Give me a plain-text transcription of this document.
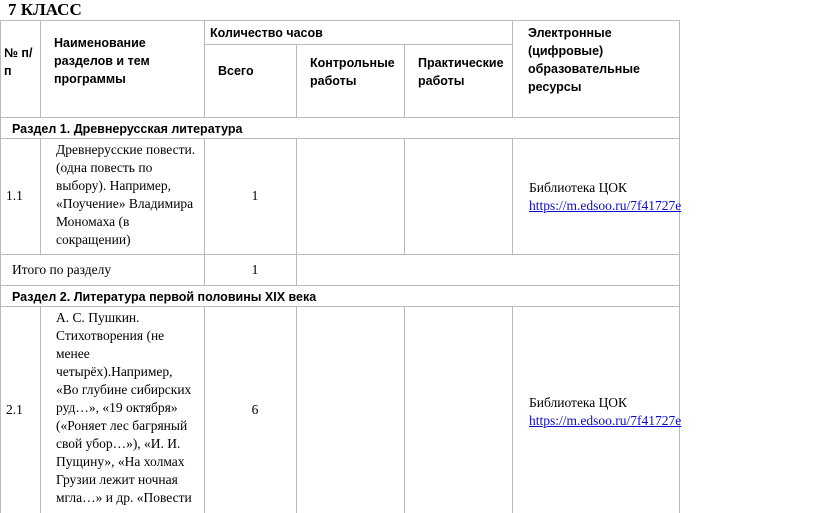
7 КЛАСС
№ п/п
Наименование разделов и тем программы
Количество часов
Всего
Контрольные работы
Практические работы
Электронные (цифровые) образовательные ресурсы
Раздел 1. Древнерусская литература
1.1
Древнерусские повести.
(одна повесть по
выбору). Например,
«Поучение» Владимира
Мономаха (в
сокращении)
1
Библиотека ЦОК
https://m.edsoo.ru/7f41727e
Итого по разделу	1
Раздел 2. Литература первой половины XIX века
2.1
А. С. Пушкин.
Стихотворения (не
менее
четырёх).Например,
«Во глубине сибирских
руд…», «19 октября»
(«Роняет лес багряный
свой убор…»), «И. И.
Пущину», «На холмах
Грузии лежит ночная
мгла…» и др. «Повести
6	Библиотека ЦОК
https://m.edsoo.ru/7f41727e
